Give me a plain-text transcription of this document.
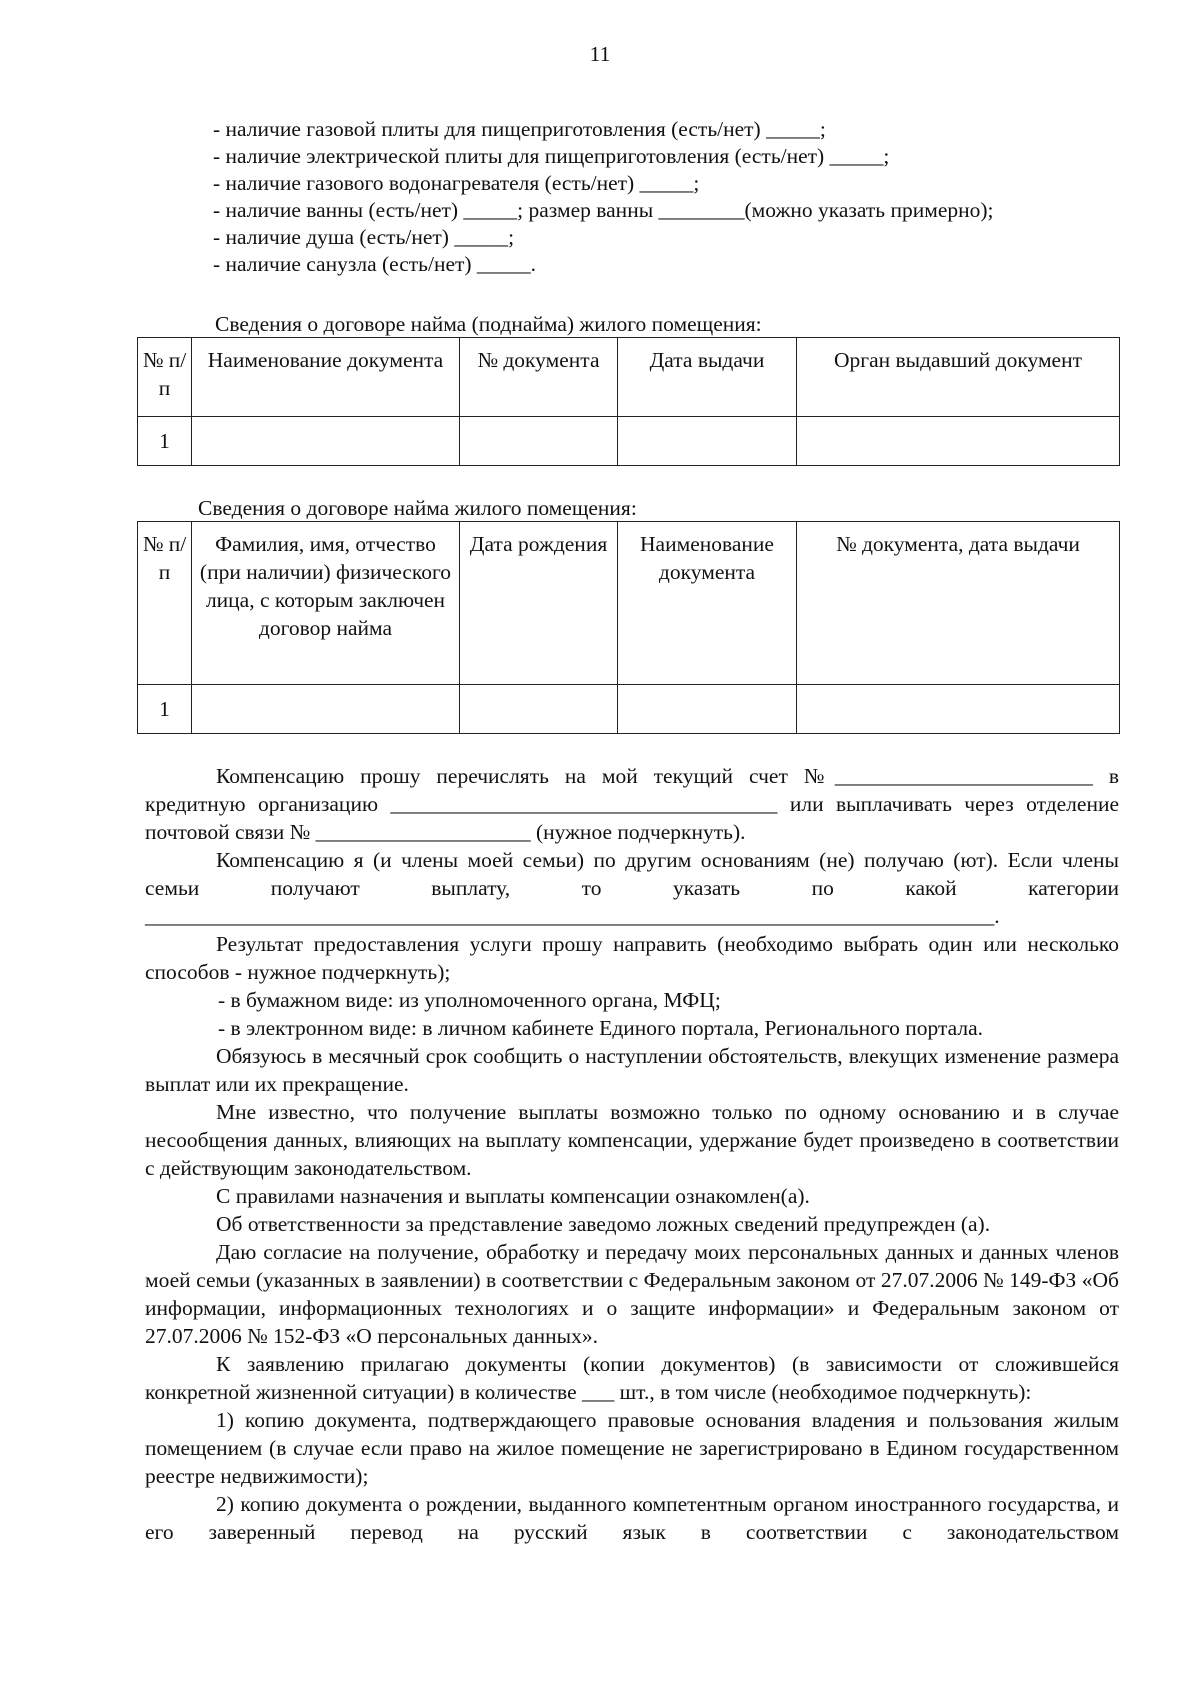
11
- наличие газовой плиты для пищеприготовления (есть/нет) _____;
- наличие электрической плиты для пищеприготовления (есть/нет) _____;
- наличие газового водонагревателя (есть/нет) _____;
- наличие ванны (есть/нет) _____; размер ванны ________(можно указать примерно);
- наличие душа (есть/нет) _____;
- наличие санузла (есть/нет) _____.
Сведения о договоре найма (поднайма) жилого помещения:
№ п/п	Наименование документа	№ документа	Дата выдачи	Орган выдавший документ
1				
Сведения о договоре найма жилого помещения:
№ п/п	Фамилия, имя, отчество (при наличии) физического лица, с которым заключен договор найма	Дата рождения	Наименование документа	№ документа, дата выдачи
1				

Компенсацию прошу перечислять на мой текущий счет №________________________ в кредитную организацию ____________________________________ или выплачивать через отделение почтовой связи № ____________________ (нужное подчеркнуть).

Компенсацию я (и члены моей семьи) по другим основаниям (не) получаю (ют). Если члены семьи получают выплату, то указать по какой категории

_______________________________________________________________________________.

Результат предоставления услуги прошу направить (необходимо выбрать один или несколько способов - нужное подчеркнуть);

- в бумажном виде: из уполномоченного органа, МФЦ;

- в электронном виде: в личном кабинете Единого портала, Регионального портала.

Обязуюсь в месячный срок сообщить о наступлении обстоятельств, влекущих изменение размера выплат или их прекращение.

Мне известно, что получение выплаты возможно только по одному основанию и в случае несообщения данных, влияющих на выплату компенсации, удержание будет произведено в соответствии с действующим законодательством.

С правилами назначения и выплаты компенсации ознакомлен(а).

Об ответственности за представление заведомо ложных сведений предупрежден (а).

Даю согласие на получение, обработку и передачу моих персональных данных и данных членов моей семьи (указанных в заявлении) в соответствии с Федеральным законом от 27.07.2006 № 149-ФЗ «Об информации, информационных технологиях и о защите информации» и Федеральным законом от 27.07.2006 № 152-ФЗ «О персональных данных».

К заявлению прилагаю документы (копии документов) (в зависимости от сложившейся конкретной жизненной ситуации) в количестве ___ шт., в том числе (необходимое подчеркнуть):

1) копию документа, подтверждающего правовые основания владения и пользования жилым помещением (в случае если право на жилое помещение не зарегистрировано в Едином государственном реестре недвижимости);

2) копию документа о рождении, выданного компетентным органом иностранного государства, и его заверенный перевод на русский язык в соответствии с законодательством
